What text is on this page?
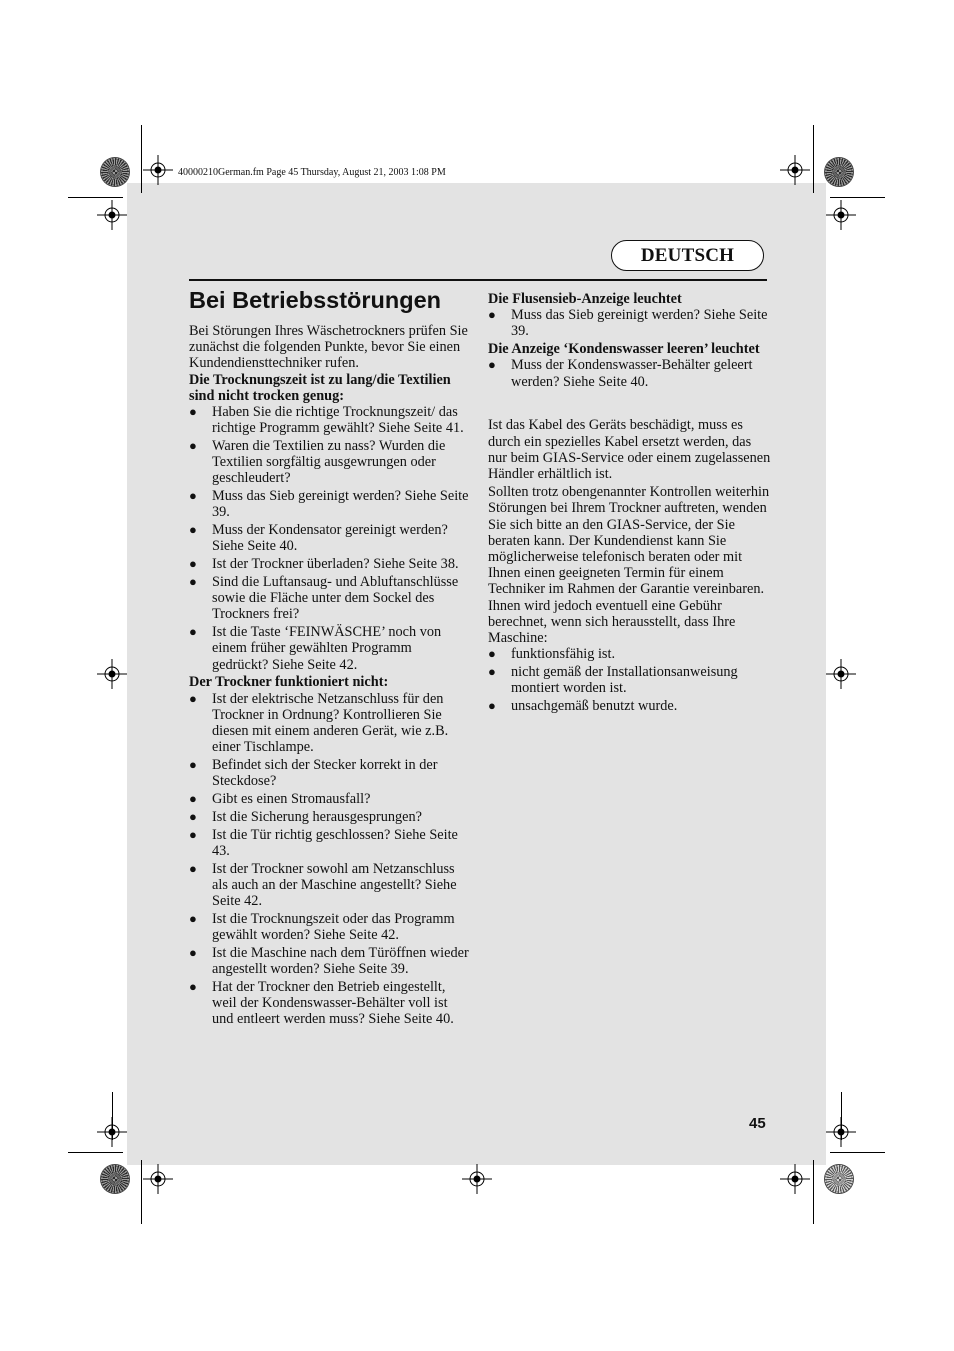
40000210German.fm Page 45 Thursday, August 21, 2003 1:08 PM
DEUTSCH
Bei Betriebsstörungen

Bei Störungen Ihres Wäschetrockners prüfen Sie zunächst die folgenden Punkte, bevor Sie einen Kundendiensttechniker rufen.

Die Trocknungszeit ist zu lang/die Textilien sind nicht trocken genug:

● Haben Sie die richtige Trocknungszeit/ das richtige Programm gewählt? Siehe Seite 41.
● Waren die Textilien zu nass? Wurden die Textilien sorgfältig ausgewrungen oder geschleudert?
● Muss das Sieb gereinigt werden? Siehe Seite 39.
● Muss der Kondensator gereinigt werden? Siehe Seite 40.
● Ist der Trockner überladen? Siehe Seite 38.
● Sind die Luftansaug- und Abluftanschlüsse sowie die Fläche unter dem Sockel des Trockners frei?
● Ist die Taste ‘FEINWÄSCHE’ noch von einem früher gewählten Programm gedrückt? Siehe Seite 42.

Der Trockner funktioniert nicht:

● Ist der elektrische Netzanschluss für den Trockner in Ordnung? Kontrollieren Sie diesen mit einem anderen Gerät, wie z.B. einer Tischlampe.
● Befindet sich der Stecker korrekt in der Steckdose?
● Gibt es einen Stromausfall?
● Ist die Sicherung herausgesprungen?
● Ist die Tür richtig geschlossen? Siehe Seite 43.
● Ist der Trockner sowohl am Netzanschluss als auch an der Maschine angestellt? Siehe Seite 42.
● Ist die Trocknungszeit oder das Programm gewählt worden? Siehe Seite 42.
● Ist die Maschine nach dem Türöffnen wieder angestellt worden? Siehe Seite 39.
● Hat der Trockner den Betrieb eingestellt, weil der Kondenswasser-Behälter voll ist und entleert werden muss? Siehe Seite 40.

Die Flusensieb-Anzeige leuchtet

● Muss das Sieb gereinigt werden? Siehe Seite 39.

Die Anzeige ‘Kondenswasser leeren’ leuchtet

● Muss der Kondenswasser-Behälter geleert werden? Siehe Seite 40.

Ist das Kabel des Geräts beschädigt, muss es durch ein spezielles Kabel ersetzt werden, das nur beim GIAS-Service oder einem zugelassenen Händler erhältlich ist.

Sollten trotz obengenannter Kontrollen weiterhin Störungen bei Ihrem Trockner auftreten, wenden Sie sich bitte an den GIAS-Service, der Sie beraten kann. Der Kundendienst kann Sie möglicherweise telefonisch beraten oder mit Ihnen einen geeigneten Termin für einem Techniker im Rahmen der Garantie vereinbaren. Ihnen wird jedoch eventuell eine Gebühr berechnet, wenn sich herausstellt, dass Ihre Maschine:

● funktionsfähig ist.
● nicht gemäß der Installationsanweisung montiert worden ist.
● unsachgemäß benutzt wurde.
45
